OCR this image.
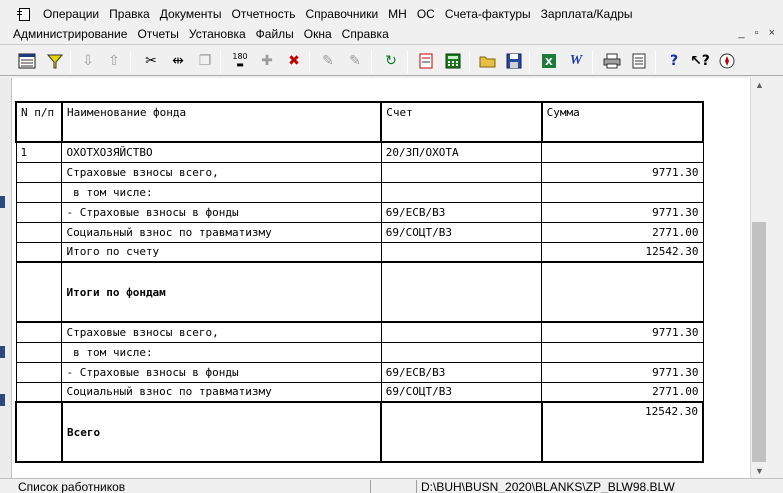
Операции Правка Документы Отчетность Справочники МН ОС Счета-фактуры Зарплата/Кадры
Администрирование Отчеты Установка Файлы Окна Справка	_ ▫ ×
⇩ ⇧ ✂ ⇹ ❐	180
▬ ✚ ✖ ✎ ✎ ↻	X W	? ↖?
N п/п	Наименование фонда	Счет	Сумма
1	ОХОТХОЗЯЙСТВО	20/ЗП/ОХОТА	
	Страховые взносы всего,		9771.30
	в том числе:		
	- Страховые взносы в фонды	69/ЕСВ/ВЗ	9771.30
	Социальный взнос по травматизму	69/СОЦТ/ВЗ	2771.00
	Итого по счету		12542.30
	Итоги по фондам		
	Страховые взносы всего,		9771.30
	в том числе:		
	- Страховые взносы в фонды	69/ЕСВ/ВЗ	9771.30
	Социальный взнос по травматизму	69/СОЦТ/ВЗ	2771.00
	Всего		12542.30
▲
▼
Список работников	D:\BUH\BUSN_2020\BLANKS\ZP_BLW98.BLW
